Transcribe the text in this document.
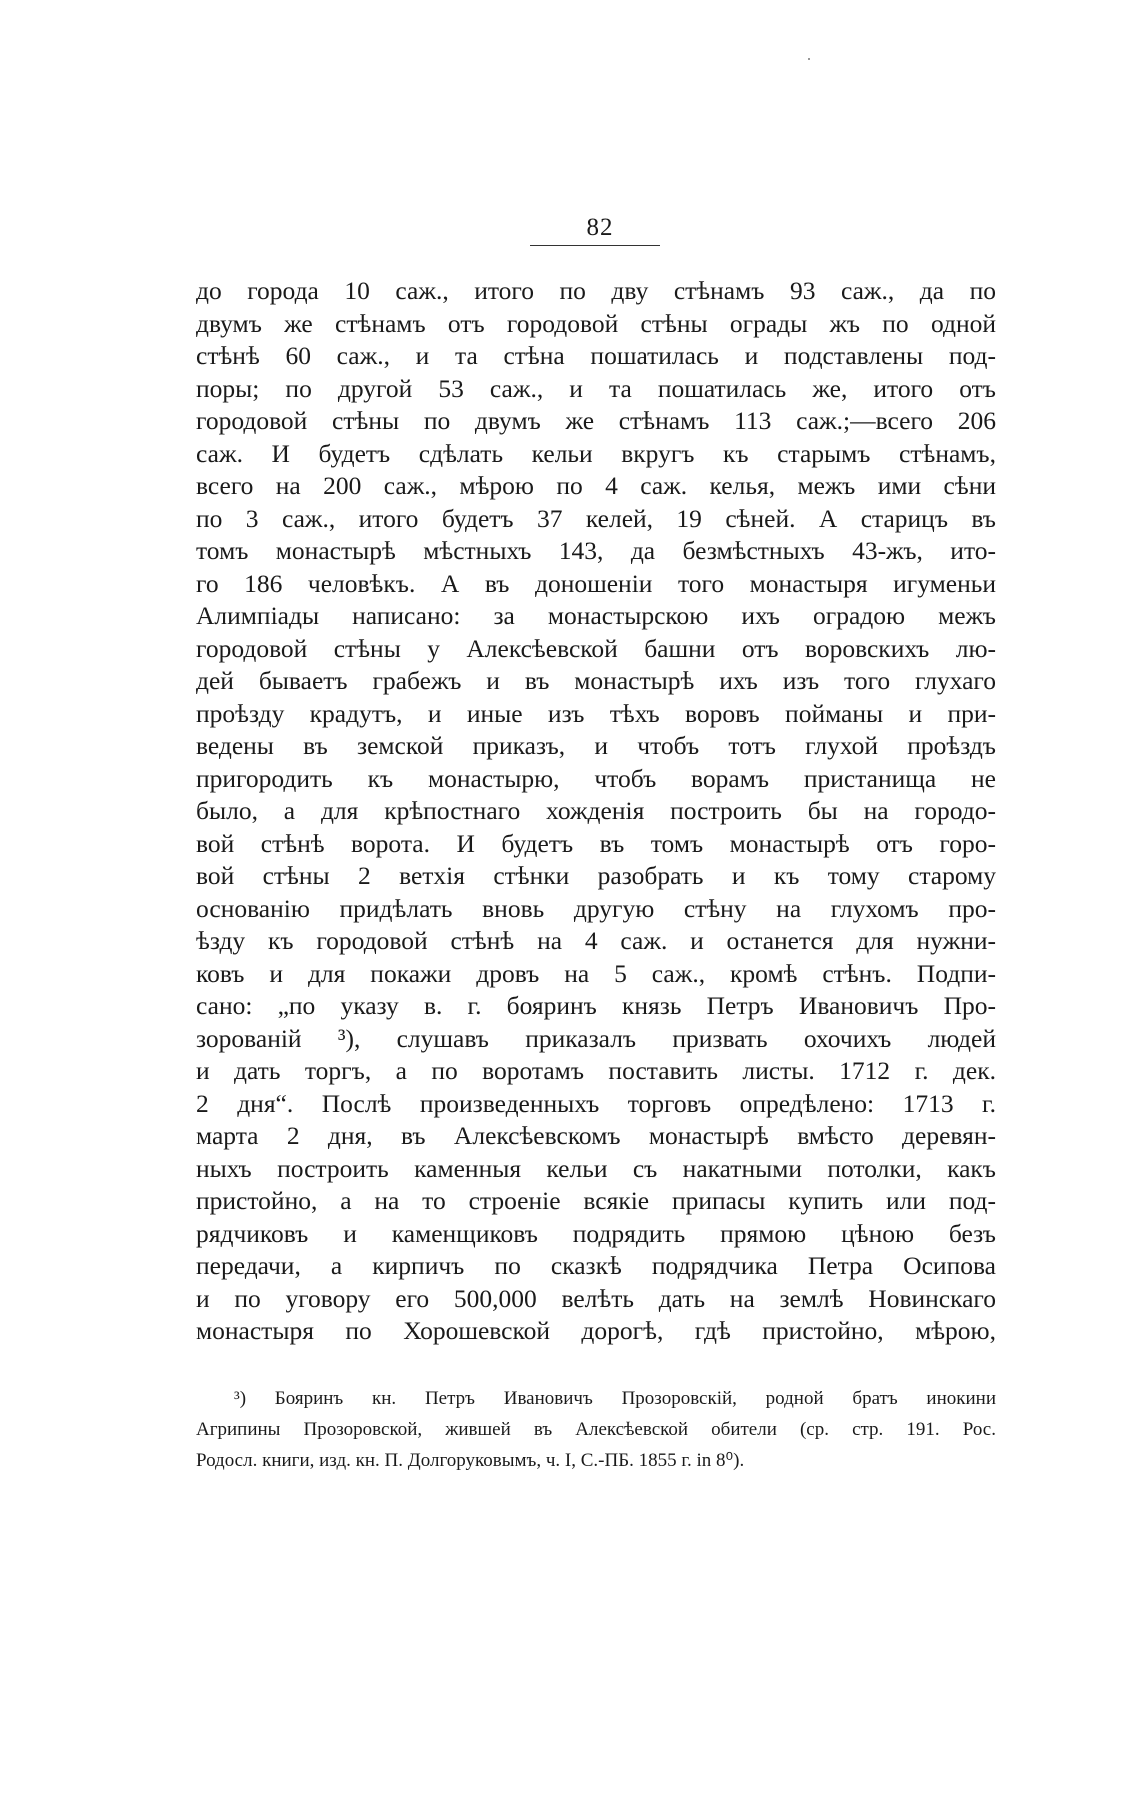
82
до города 10 саж., итого по дву стѣнамъ 93 саж., да по
двумъ же стѣнамъ отъ городовой стѣны ограды жъ по одной
стѣнѣ 60 саж., и та стѣна пошатилась и подставлены под-
поры; по другой 53 саж., и та пошатилась же, итого отъ
городовой стѣны по двумъ же стѣнамъ 113 саж.;—всего 206
саж. И будетъ сдѣлать кельи вкругъ къ старымъ стѣнамъ,
всего на 200 саж., мѣрою по 4 саж. келья, межъ ими сѣни
по 3 саж., итого будетъ 37 келей, 19 сѣней. А старицъ въ
томъ монастырѣ мѣстныхъ 143, да безмѣстныхъ 43-жъ, ито-
го 186 человѣкъ. А въ доношеніи того монастыря игуменьи
Алимпіады написано: за монастырскою ихъ оградою межъ
городовой стѣны у Алексѣевской башни отъ воровскихъ лю-
дей бываетъ грабежъ и въ монастырѣ ихъ изъ того глухаго
проѣзду крадутъ, и иные изъ тѣхъ воровъ пойманы и при-
ведены въ земской приказъ, и чтобъ тотъ глухой проѣздъ
пригородить къ монастырю, чтобъ ворамъ пристанища не
было, а для крѣпостнаго хожденія построить бы на городо-
вой стѣнѣ ворота. И будетъ въ томъ монастырѣ отъ горо-
вой стѣны 2 ветхія стѣнки разобрать и къ тому старому
основанію придѣлать вновь другую стѣну на глухомъ про-
ѣзду къ городовой стѣнѣ на 4 саж. и останется для нужни-
ковъ и для покажи дровъ на 5 саж., кромѣ стѣнъ. Подпи-
сано: „по указу в. г. бояринъ князь Петръ Ивановичъ Про-
зорованій ³), слушавъ приказалъ призвать охочихъ людей
и дать торгъ, а по воротамъ поставить листы. 1712 г. дек.
2 дня“. Послѣ произведенныхъ торговъ опредѣлено: 1713 г.
марта 2 дня, въ Алексѣевскомъ монастырѣ вмѣсто деревян-
ныхъ построить каменныя кельи съ накатными потолки, какъ
пристойно, а на то строеніе всякіе припасы купить или под-
рядчиковъ и каменщиковъ подрядить прямою цѣною безъ
передачи, а кирпичъ по сказкѣ подрядчика Петра Осипова
и по уговору его 500,000 велѣть дать на землѣ Новинскаго
монастыря по Хорошевской дорогѣ, гдѣ пристойно, мѣрою,
³) Бояринъ кн. Петръ Ивановичъ Прозоровскій, родной братъ инокини
Агрипины Прозоровской, жившей въ Алексѣевской обители (ср. стр. 191. Рос.
Родосл. книги, изд. кн. П. Долгоруковымъ, ч. I, С.-ПБ. 1855 г. in 8⁰).
